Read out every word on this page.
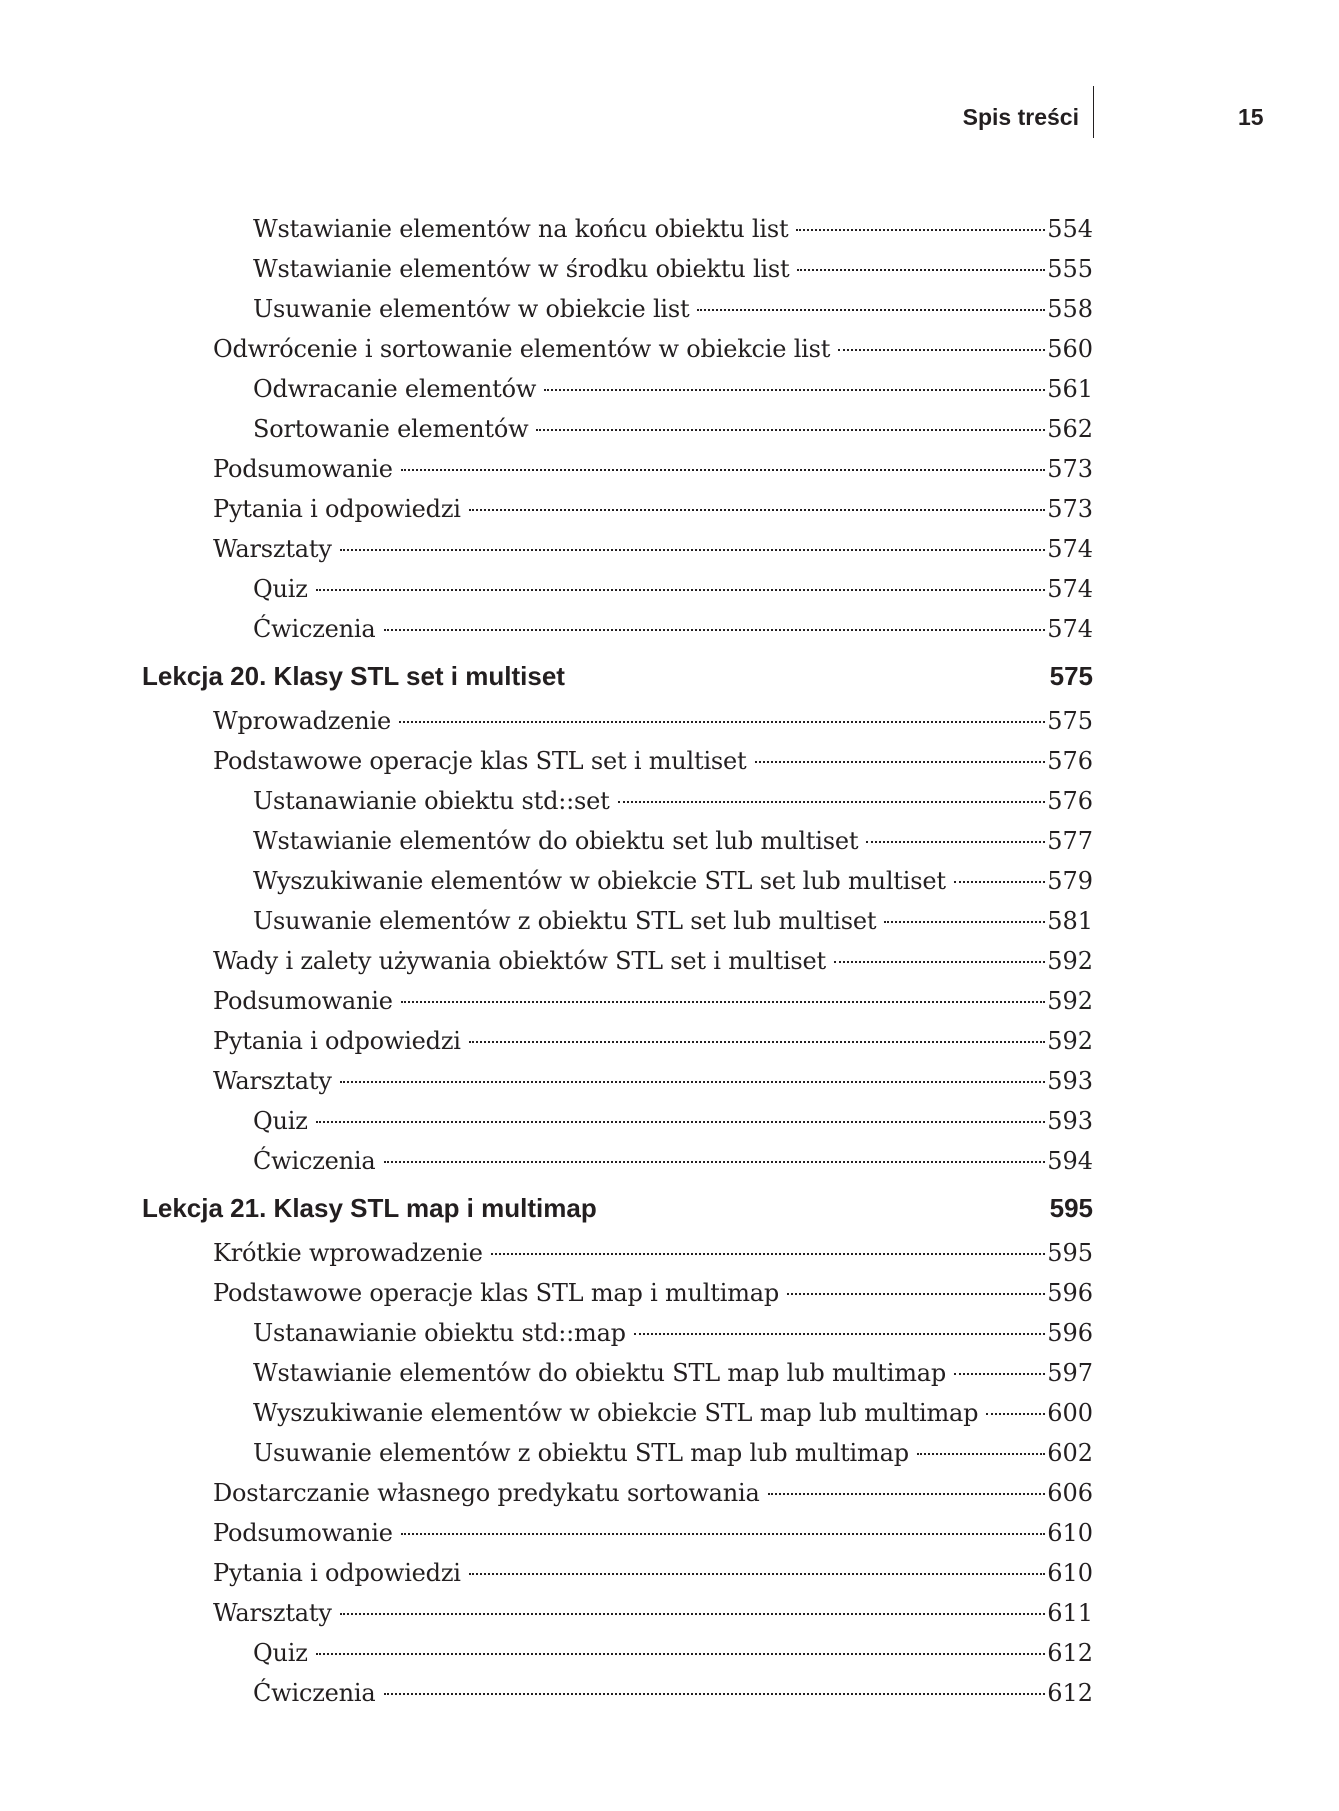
Spis treści	15
Wstawianie elementów na końcu obiektu list	554
Wstawianie elementów w środku obiektu list	555
Usuwanie elementów w obiekcie list	558
Odwrócenie i sortowanie elementów w obiekcie list	560
Odwracanie elementów	561
Sortowanie elementów	562
Podsumowanie	573
Pytania i odpowiedzi	573
Warsztaty	574
Quiz	574
Ćwiczenia	574
Lekcja 20. Klasy STL set i multiset	575
Wprowadzenie	575
Podstawowe operacje klas STL set i multiset	576
Ustanawianie obiektu std::set	576
Wstawianie elementów do obiektu set lub multiset	577
Wyszukiwanie elementów w obiekcie STL set lub multiset	579
Usuwanie elementów z obiektu STL set lub multiset	581
Wady i zalety używania obiektów STL set i multiset	592
Podsumowanie	592
Pytania i odpowiedzi	592
Warsztaty	593
Quiz	593
Ćwiczenia	594
Lekcja 21. Klasy STL map i multimap	595
Krótkie wprowadzenie	595
Podstawowe operacje klas STL map i multimap	596
Ustanawianie obiektu std::map	596
Wstawianie elementów do obiektu STL map lub multimap	597
Wyszukiwanie elementów w obiekcie STL map lub multimap	600
Usuwanie elementów z obiektu STL map lub multimap	602
Dostarczanie własnego predykatu sortowania	606
Podsumowanie	610
Pytania i odpowiedzi	610
Warsztaty	611
Quiz	612
Ćwiczenia	612
